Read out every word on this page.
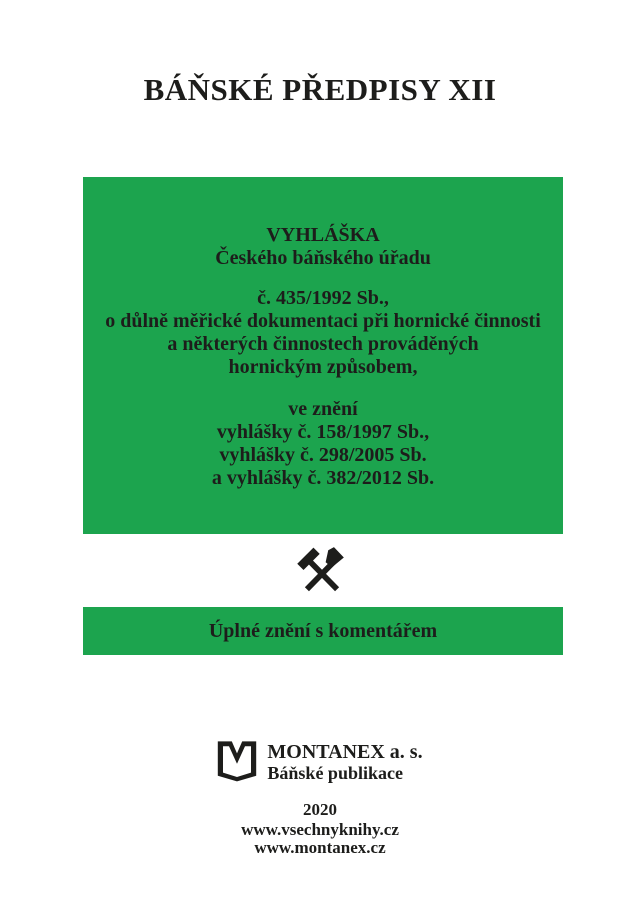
BÁŇSKÉ PŘEDPISY XII

VYHLÁŠKA

Českého báňského úřadu

č. 435/1992 Sb.,

o důlně měřické dokumentaci při hornické činnosti

a některých činnostech prováděných

hornickým způsobem,

ve znění

vyhlášky č. 158/1997 Sb.,

vyhlášky č. 298/2005 Sb.

a vyhlášky č. 382/2012 Sb.

Úplné znění s komentářem
MONTANEX a. s.
Báňské publikace

2020

www.vsechnyknihy.cz

www.montanex.cz
